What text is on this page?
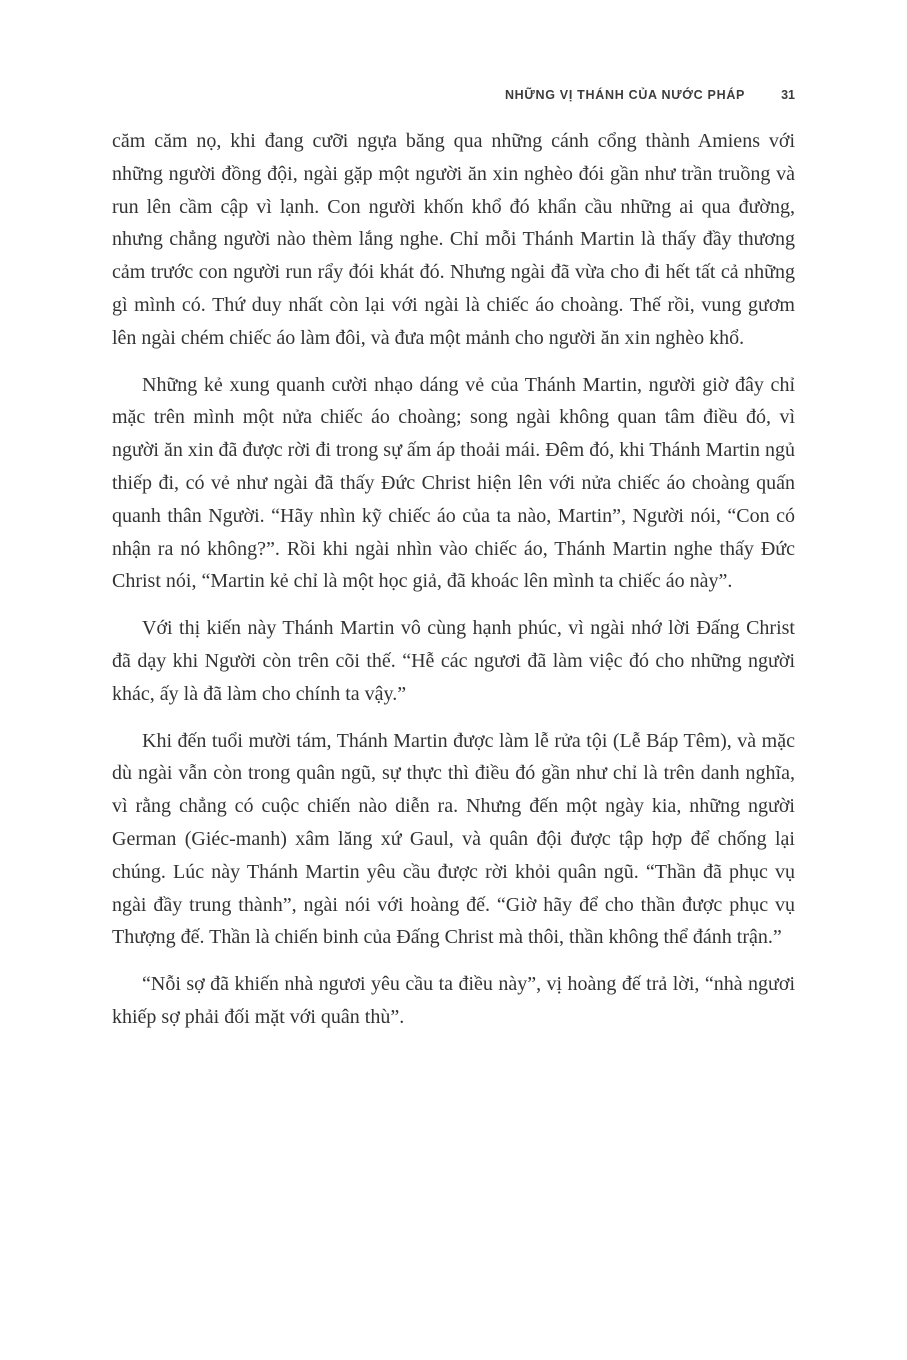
NHỮNG VỊ THÁNH CỦA NƯỚC PHÁP	31

căm căm nọ, khi đang cưỡi ngựa băng qua những cánh cổng thành Amiens với những người đồng đội, ngài gặp một người ăn xin nghèo đói gần như trần truồng và run lên cầm cập vì lạnh. Con người khốn khổ đó khẩn cầu những ai qua đường, nhưng chẳng người nào thèm lắng nghe. Chỉ mỗi Thánh Martin là thấy đầy thương cảm trước con người run rẩy đói khát đó. Nhưng ngài đã vừa cho đi hết tất cả những gì mình có. Thứ duy nhất còn lại với ngài là chiếc áo choàng. Thế rồi, vung gươm lên ngài chém chiếc áo làm đôi, và đưa một mảnh cho người ăn xin nghèo khổ.

Những kẻ xung quanh cười nhạo dáng vẻ của Thánh Martin, người giờ đây chỉ mặc trên mình một nửa chiếc áo choàng; song ngài không quan tâm điều đó, vì người ăn xin đã được rời đi trong sự ấm áp thoải mái. Đêm đó, khi Thánh Martin ngủ thiếp đi, có vẻ như ngài đã thấy Đức Christ hiện lên với nửa chiếc áo choàng quấn quanh thân Người. “Hãy nhìn kỹ chiếc áo của ta nào, Martin”, Người nói, “Con có nhận ra nó không?”. Rồi khi ngài nhìn vào chiếc áo, Thánh Martin nghe thấy Đức Christ nói, “Martin kẻ chỉ là một học giả, đã khoác lên mình ta chiếc áo này”.

Với thị kiến này Thánh Martin vô cùng hạnh phúc, vì ngài nhớ lời Đấng Christ đã dạy khi Người còn trên cõi thế. “Hễ các ngươi đã làm việc đó cho những người khác, ấy là đã làm cho chính ta vậy.”

Khi đến tuổi mười tám, Thánh Martin được làm lễ rửa tội (Lễ Báp Têm), và mặc dù ngài vẫn còn trong quân ngũ, sự thực thì điều đó gần như chỉ là trên danh nghĩa, vì rằng chẳng có cuộc chiến nào diễn ra. Nhưng đến một ngày kia, những người German (Giéc-manh) xâm lăng xứ Gaul, và quân đội được tập hợp để chống lại chúng. Lúc này Thánh Martin yêu cầu được rời khỏi quân ngũ. “Thần đã phục vụ ngài đầy trung thành”, ngài nói với hoàng đế. “Giờ hãy để cho thần được phục vụ Thượng đế. Thần là chiến binh của Đấng Christ mà thôi, thần không thể đánh trận.”

“Nỗi sợ đã khiến nhà ngươi yêu cầu ta điều này”, vị hoàng đế trả lời, “nhà ngươi khiếp sợ phải đối mặt với quân thù”.
